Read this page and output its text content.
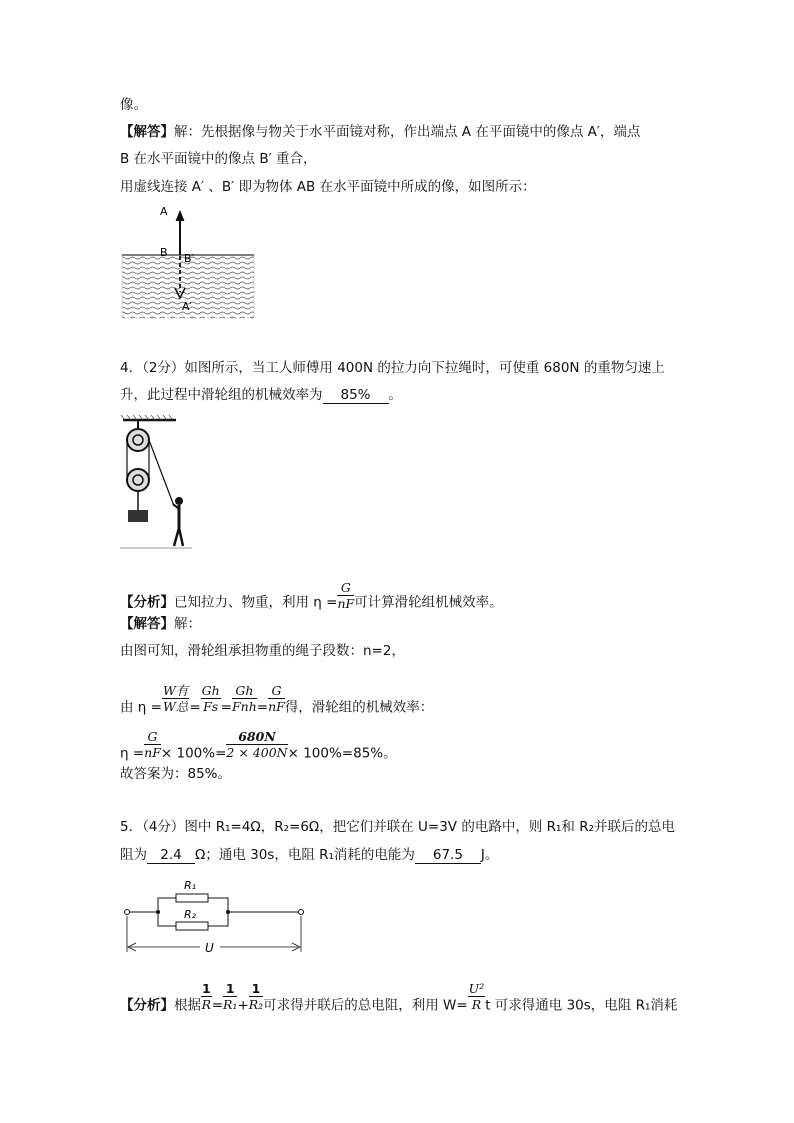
像。
【解答】解：先根据像与物关于水平面镜对称，作出端点 A 在平面镜中的像点 A′，端点
B 在水平面镜中的像点 B′ 重合，
用虚线连接 A′ 、B′ 即为物体 AB 在水平面镜中所成的像，如图所示：
A
B B′
A′
4．（2分）如图所示，当工人师傅用 400N 的拉力向下拉绳时，可使重 680N 的重物匀速上
升，此过程中滑轮组的机械效率为 85% 。
【分析】已知拉力、物重，利用 $\eta = \frac{G}{nF}$ 可计算滑轮组机械效率。
【解答】解：
由图可知，滑轮组承担物重的绳子段数：n=2，
由 η =
W有
W总 = $\frac{Gh}{Fs}$ =
Gh
Fnh = $\frac{G}{nF}$ 得，滑轮组的机械效率：
$\eta = \frac{G}{nF} \times 100\%= \frac{680N}{2 \times 400N} \times 100\%=85\%$。
故答案为：85%。
5．（4分）图中 R₁=4Ω，R₂=6Ω，把它们并联在 U=3V 的电路中，则 R₁和 R₂并联后的总电
阻为 2.4 Ω；通电 30s，电阻 R₁消耗的电能为 67.5 J。
R₁
R₂
U
【分析】根据 $\frac{1}{R} = \frac{1}{\text{R₁}} + \frac{1}{\text{R₂}}$ 可求得并联后的总电阻，利用 $W= \frac{\text{U²}}{R}$ t 可求得通电 30s，电阻 R₁消耗
